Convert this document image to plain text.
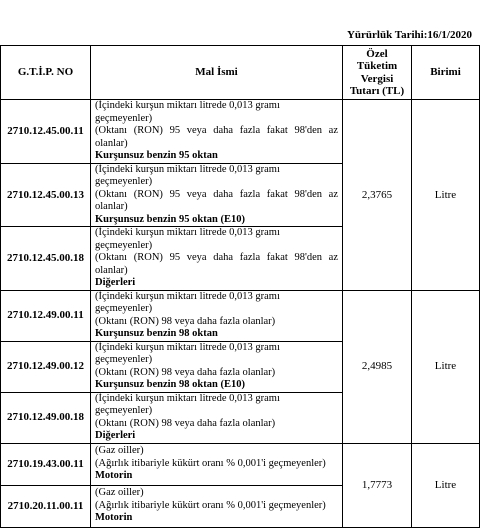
Yürürlük Tarihi:16/1/2020
G.T.İ.P. NO	Mal İsmi	Özel Tüketim Vergisi Tutarı (TL)	Birimi
2710.12.45.00.11	(İçindeki kurşun miktarı litrede 0,013 gramı geçmeyenler)
(Oktanı (RON) 95 veya daha fazla fakat 98'den az
olanlar)
Kurşunsuz benzin 95 oktan	2,3765	Litre
2710.12.45.00.13	(İçindeki kurşun miktarı litrede 0,013 gramı geçmeyenler)
(Oktanı (RON) 95 veya daha fazla fakat 98'den az
olanlar)
Kurşunsuz benzin 95 oktan (E10)		

2710.12.45.00.18	(İçindeki kurşun miktarı litrede 0,013 gramı geçmeyenler)
(Oktanı (RON) 95 veya daha fazla fakat 98'den az
olanlar)
Diğerleri		

2710.12.49.00.11	(İçindeki kurşun miktarı litrede 0,013 gramı geçmeyenler)
(Oktanı (RON) 98 veya daha fazla olanlar)
Kurşunsuz benzin 98 oktan	2,4985	Litre
2710.12.49.00.12	(İçindeki kurşun miktarı litrede 0,013 gramı geçmeyenler)
(Oktanı (RON) 98 veya daha fazla olanlar)
Kurşunsuz benzin 98 oktan (E10)		

2710.12.49.00.18	(İçindeki kurşun miktarı litrede 0,013 gramı geçmeyenler)
(Oktanı (RON) 98 veya daha fazla olanlar)
Diğerleri		

2710.19.43.00.11	(Gaz oiller)
(Ağırlık itibariyle kükürt oranı % 0,001'i geçmeyenler)
Motorin	1,7773	Litre
2710.20.11.00.11	(Gaz oiller)
(Ağırlık itibariyle kükürt oranı % 0,001'i geçmeyenler)
Motorin		
